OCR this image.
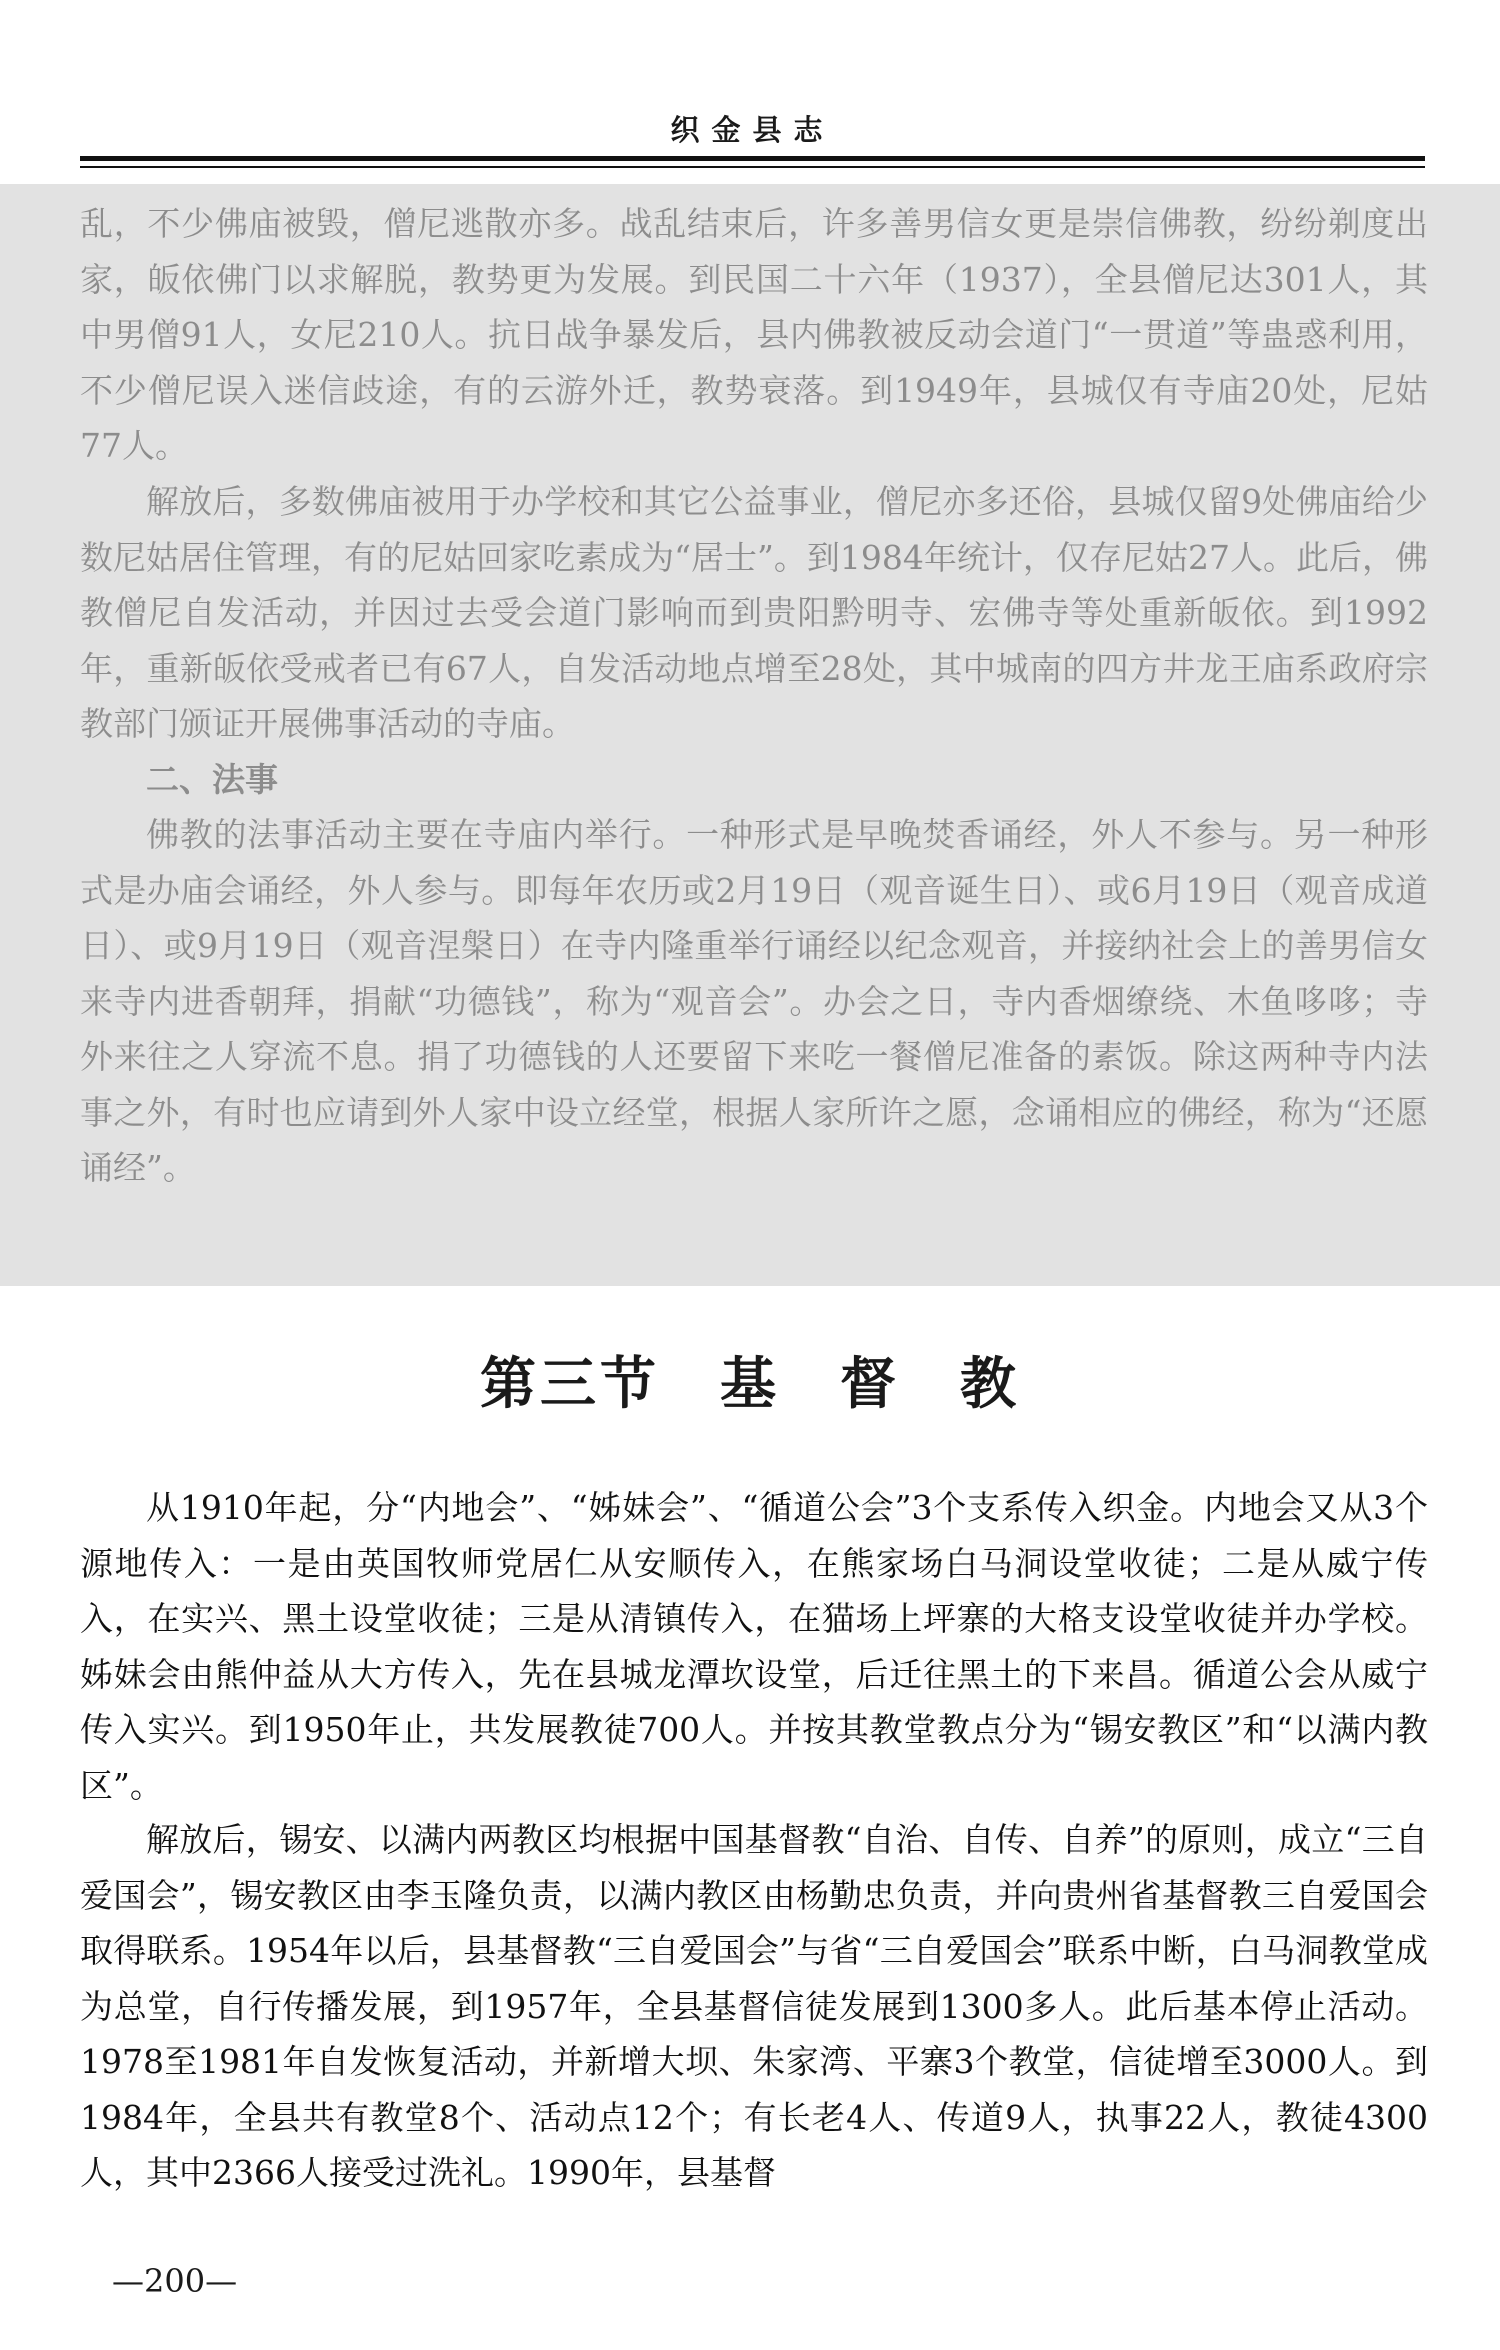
织金县志

乱，不少佛庙被毁，僧尼逃散亦多。战乱结束后，许多善男信女更是崇信佛教，纷纷剃度出家，皈依佛门以求解脱，教势更为发展。到民国二十六年（1937），全县僧尼达301人，其中男僧91人，女尼210人。抗日战争暴发后，县内佛教被反动会道门“一贯道”等蛊惑利用，不少僧尼误入迷信歧途，有的云游外迁，教势衰落。到1949年，县城仅有寺庙20处，尼姑77人。

解放后，多数佛庙被用于办学校和其它公益事业，僧尼亦多还俗，县城仅留9处佛庙给少数尼姑居住管理，有的尼姑回家吃素成为“居士”。到1984年统计，仅存尼姑27人。此后，佛教僧尼自发活动，并因过去受会道门影响而到贵阳黔明寺、宏佛寺等处重新皈依。到1992年，重新皈依受戒者已有67人，自发活动地点增至28处，其中城南的四方井龙王庙系政府宗教部门颁证开展佛事活动的寺庙。

二、法事

佛教的法事活动主要在寺庙内举行。一种形式是早晚焚香诵经，外人不参与。另一种形式是办庙会诵经，外人参与。即每年农历或2月19日（观音诞生日）、或6月19日（观音成道日）、或9月19日（观音涅槃日）在寺内隆重举行诵经以纪念观音，并接纳社会上的善男信女来寺内进香朝拜，捐献“功德钱”，称为“观音会”。办会之日，寺内香烟缭绕、木鱼哆哆；寺外来往之人穿流不息。捐了功德钱的人还要留下来吃一餐僧尼准备的素饭。除这两种寺内法事之外，有时也应请到外人家中设立经堂，根据人家所许之愿，念诵相应的佛经，称为“还愿诵经”。

第三节　基　督　教

从1910年起，分“内地会”、“姊妹会”、“循道公会”3个支系传入织金。内地会又从3个源地传入：一是由英国牧师党居仁从安顺传入，在熊家场白马洞设堂收徒；二是从威宁传入，在实兴、黑土设堂收徒；三是从清镇传入，在猫场上坪寨的大格支设堂收徒并办学校。姊妹会由熊仲益从大方传入，先在县城龙潭坎设堂，后迁往黑土的下来昌。循道公会从威宁传入实兴。到1950年止，共发展教徒700人。并按其教堂教点分为“锡安教区”和“以满内教区”。

解放后，锡安、以满内两教区均根据中国基督教“自治、自传、自养”的原则，成立“三自爱国会”，锡安教区由李玉隆负责，以满内教区由杨勤忠负责，并向贵州省基督教三自爱国会取得联系。1954年以后，县基督教“三自爱国会”与省“三自爱国会”联系中断，白马洞教堂成为总堂，自行传播发展，到1957年，全县基督信徒发展到1300多人。此后基本停止活动。1978至1981年自发恢复活动，并新增大坝、朱家湾、平寨3个教堂，信徒增至3000人。到1984年，全县共有教堂8个、活动点12个；有长老4人、传道9人，执事22人，教徒4300人，其中2366人接受过洗礼。1990年，县基督

—200—
